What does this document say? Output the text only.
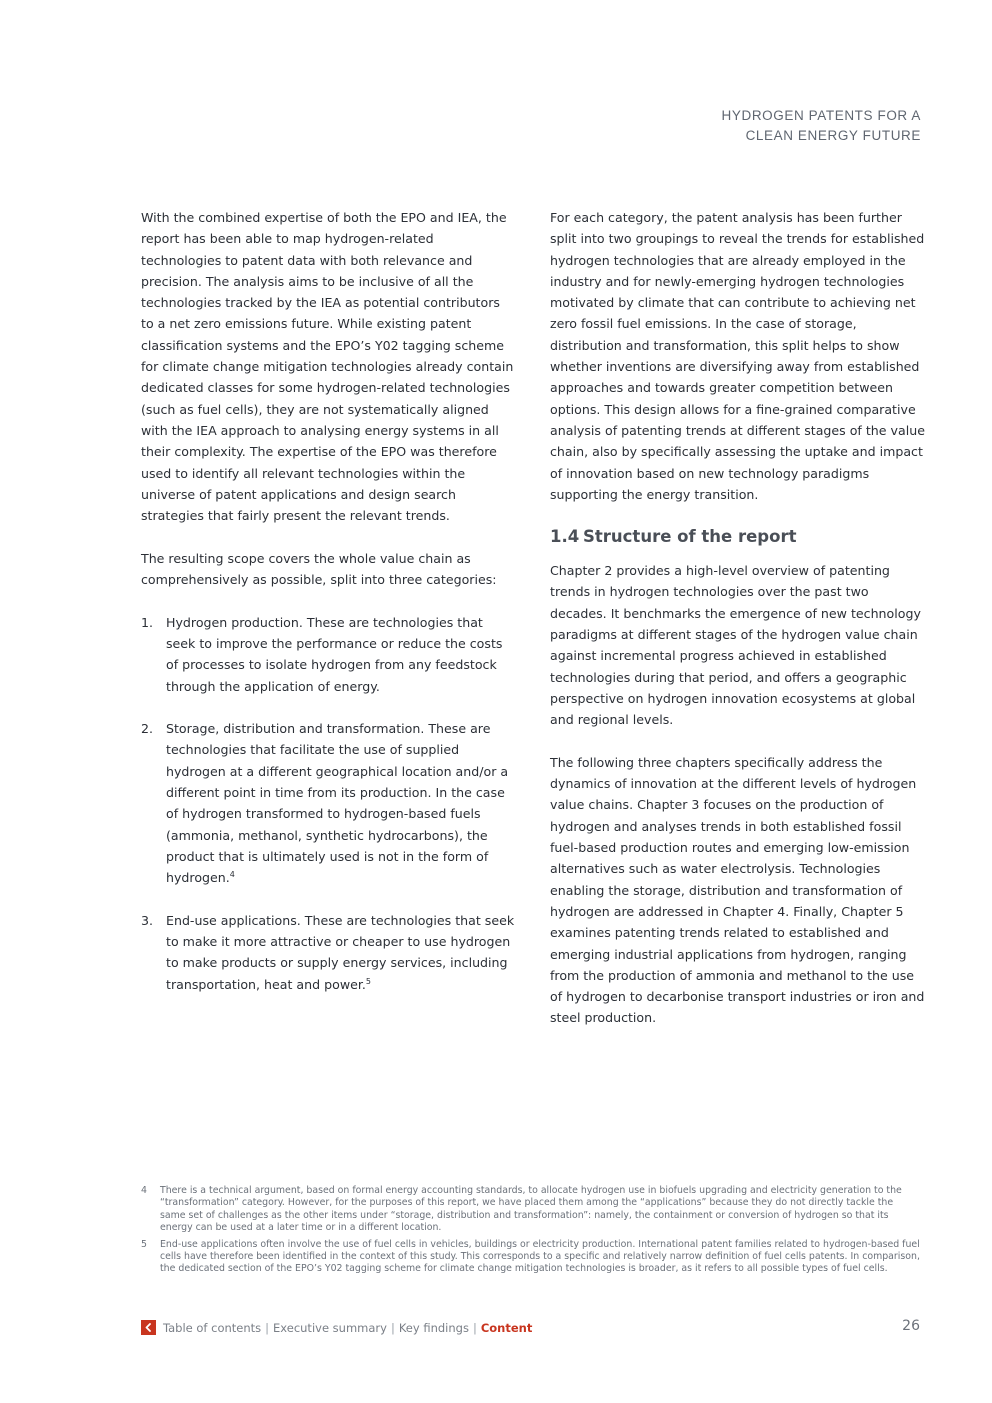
HYDROGEN PATENTS FOR A
CLEAN ENERGY FUTURE

With the combined expertise of both the EPO and IEA, the report has been able to map hydrogen-related technologies to patent data with both relevance and precision. The analysis aims to be inclusive of all the technologies tracked by the IEA as potential contributors to a net zero emissions future. While existing patent classification systems and the EPO’s Y02 tagging scheme for climate change mitigation technologies already contain dedicated classes for some hydrogen-related technologies (such as fuel cells), they are not systematically aligned with the IEA approach to analysing energy systems in all their complexity. The expertise of the EPO was therefore used to identify all relevant technologies within the universe of patent applications and design search strategies that fairly present the relevant trends.

The resulting scope covers the whole value chain as comprehensively as possible, split into three categories:

1.	Hydrogen production. These are technologies that seek to improve the performance or reduce the costs of processes to isolate hydrogen from any feedstock through the application of energy.
2.	Storage, distribution and transformation. These are technologies that facilitate the use of supplied hydrogen at a different geographical location and/or a different point in time from its production. In the case of hydrogen transformed to hydrogen-based fuels (ammonia, methanol, synthetic hydrocarbons), the product that is ultimately used is not in the form of hydrogen.$^4$
3.	End-use applications. These are technologies that seek to make it more attractive or cheaper to use hydrogen to make products or supply energy services, including transportation, heat and power.$^5$

For each category, the patent analysis has been further split into two groupings to reveal the trends for established hydrogen technologies that are already employed in the industry and for newly-emerging hydrogen technologies motivated by climate that can contribute to achieving net zero fossil fuel emissions. In the case of storage, distribution and transformation, this split helps to show whether inventions are diversifying away from established approaches and towards greater competition between options. This design allows for a fine-grained comparative analysis of patenting trends at different stages of the value chain, also by specifically assessing the uptake and impact of innovation based on new technology paradigms supporting the energy transition.

1.4 Structure of the report

Chapter 2 provides a high-level overview of patenting trends in hydrogen technologies over the past two decades. It benchmarks the emergence of new technology paradigms at different stages of the hydrogen value chain against incremental progress achieved in established technologies during that period, and offers a geographic perspective on hydrogen innovation ecosystems at global and regional levels.

The following three chapters specifically address the dynamics of innovation at the different levels of hydrogen value chains. Chapter 3 focuses on the production of hydrogen and analyses trends in both established fossil fuel-based production routes and emerging low-emission alternatives such as water electrolysis. Technologies enabling the storage, distribution and transformation of hydrogen are addressed in Chapter 4. Finally, Chapter 5 examines patenting trends related to established and emerging industrial applications from hydrogen, ranging from the production of ammonia and methanol to the use of hydrogen to decarbonise transport industries or iron and steel production.

4	There is a technical argument, based on formal energy accounting standards, to allocate hydrogen use in biofuels upgrading and electricity generation to the “transformation” category. However, for the purposes of this report, we have placed them among the “applications” because they do not directly tackle the same set of challenges as the other items under “storage, distribution and transformation”: namely, the containment or conversion of hydrogen so that its energy can be used at a later time or in a different location.
5	End-use applications often involve the use of fuel cells in vehicles, buildings or electricity production. International patent families related to hydrogen-based fuel cells have therefore been identified in the context of this study. This corresponds to a specific and relatively narrow definition of fuel cells patents. In comparison, the dedicated section of the EPO’s Y02 tagging scheme for climate change mitigation technologies is broader, as it refers to all possible types of fuel cells.
Table of contents | Executive summary | Key findings | Content	26
